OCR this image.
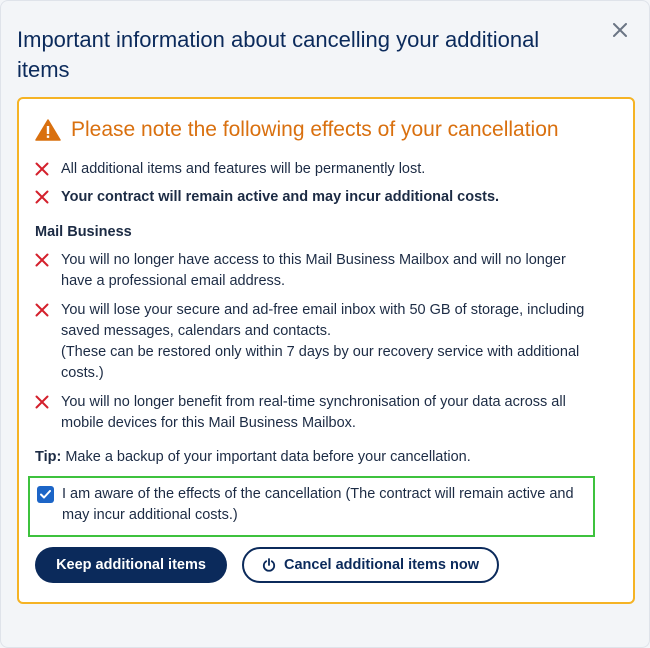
Important information about cancelling your additional items
Please note the following effects of your cancellation
All additional items and features will be permanently lost.
Your contract will remain active and may incur additional costs.
Mail Business
You will no longer have access to this Mail Business Mailbox and will no longer have a professional email address.
You will lose your secure and ad-free email inbox with 50 GB of storage, including saved messages, calendars and contacts.
(These can be restored only within 7 days by our recovery service with additional costs.)
You will no longer benefit from real-time synchronisation of your data across all mobile devices for this Mail Business Mailbox.
Tip: Make a backup of your important data before your cancellation.
I am aware of the effects of the cancellation (The contract will remain active and may incur additional costs.)
Keep additional items	Cancel additional items now
